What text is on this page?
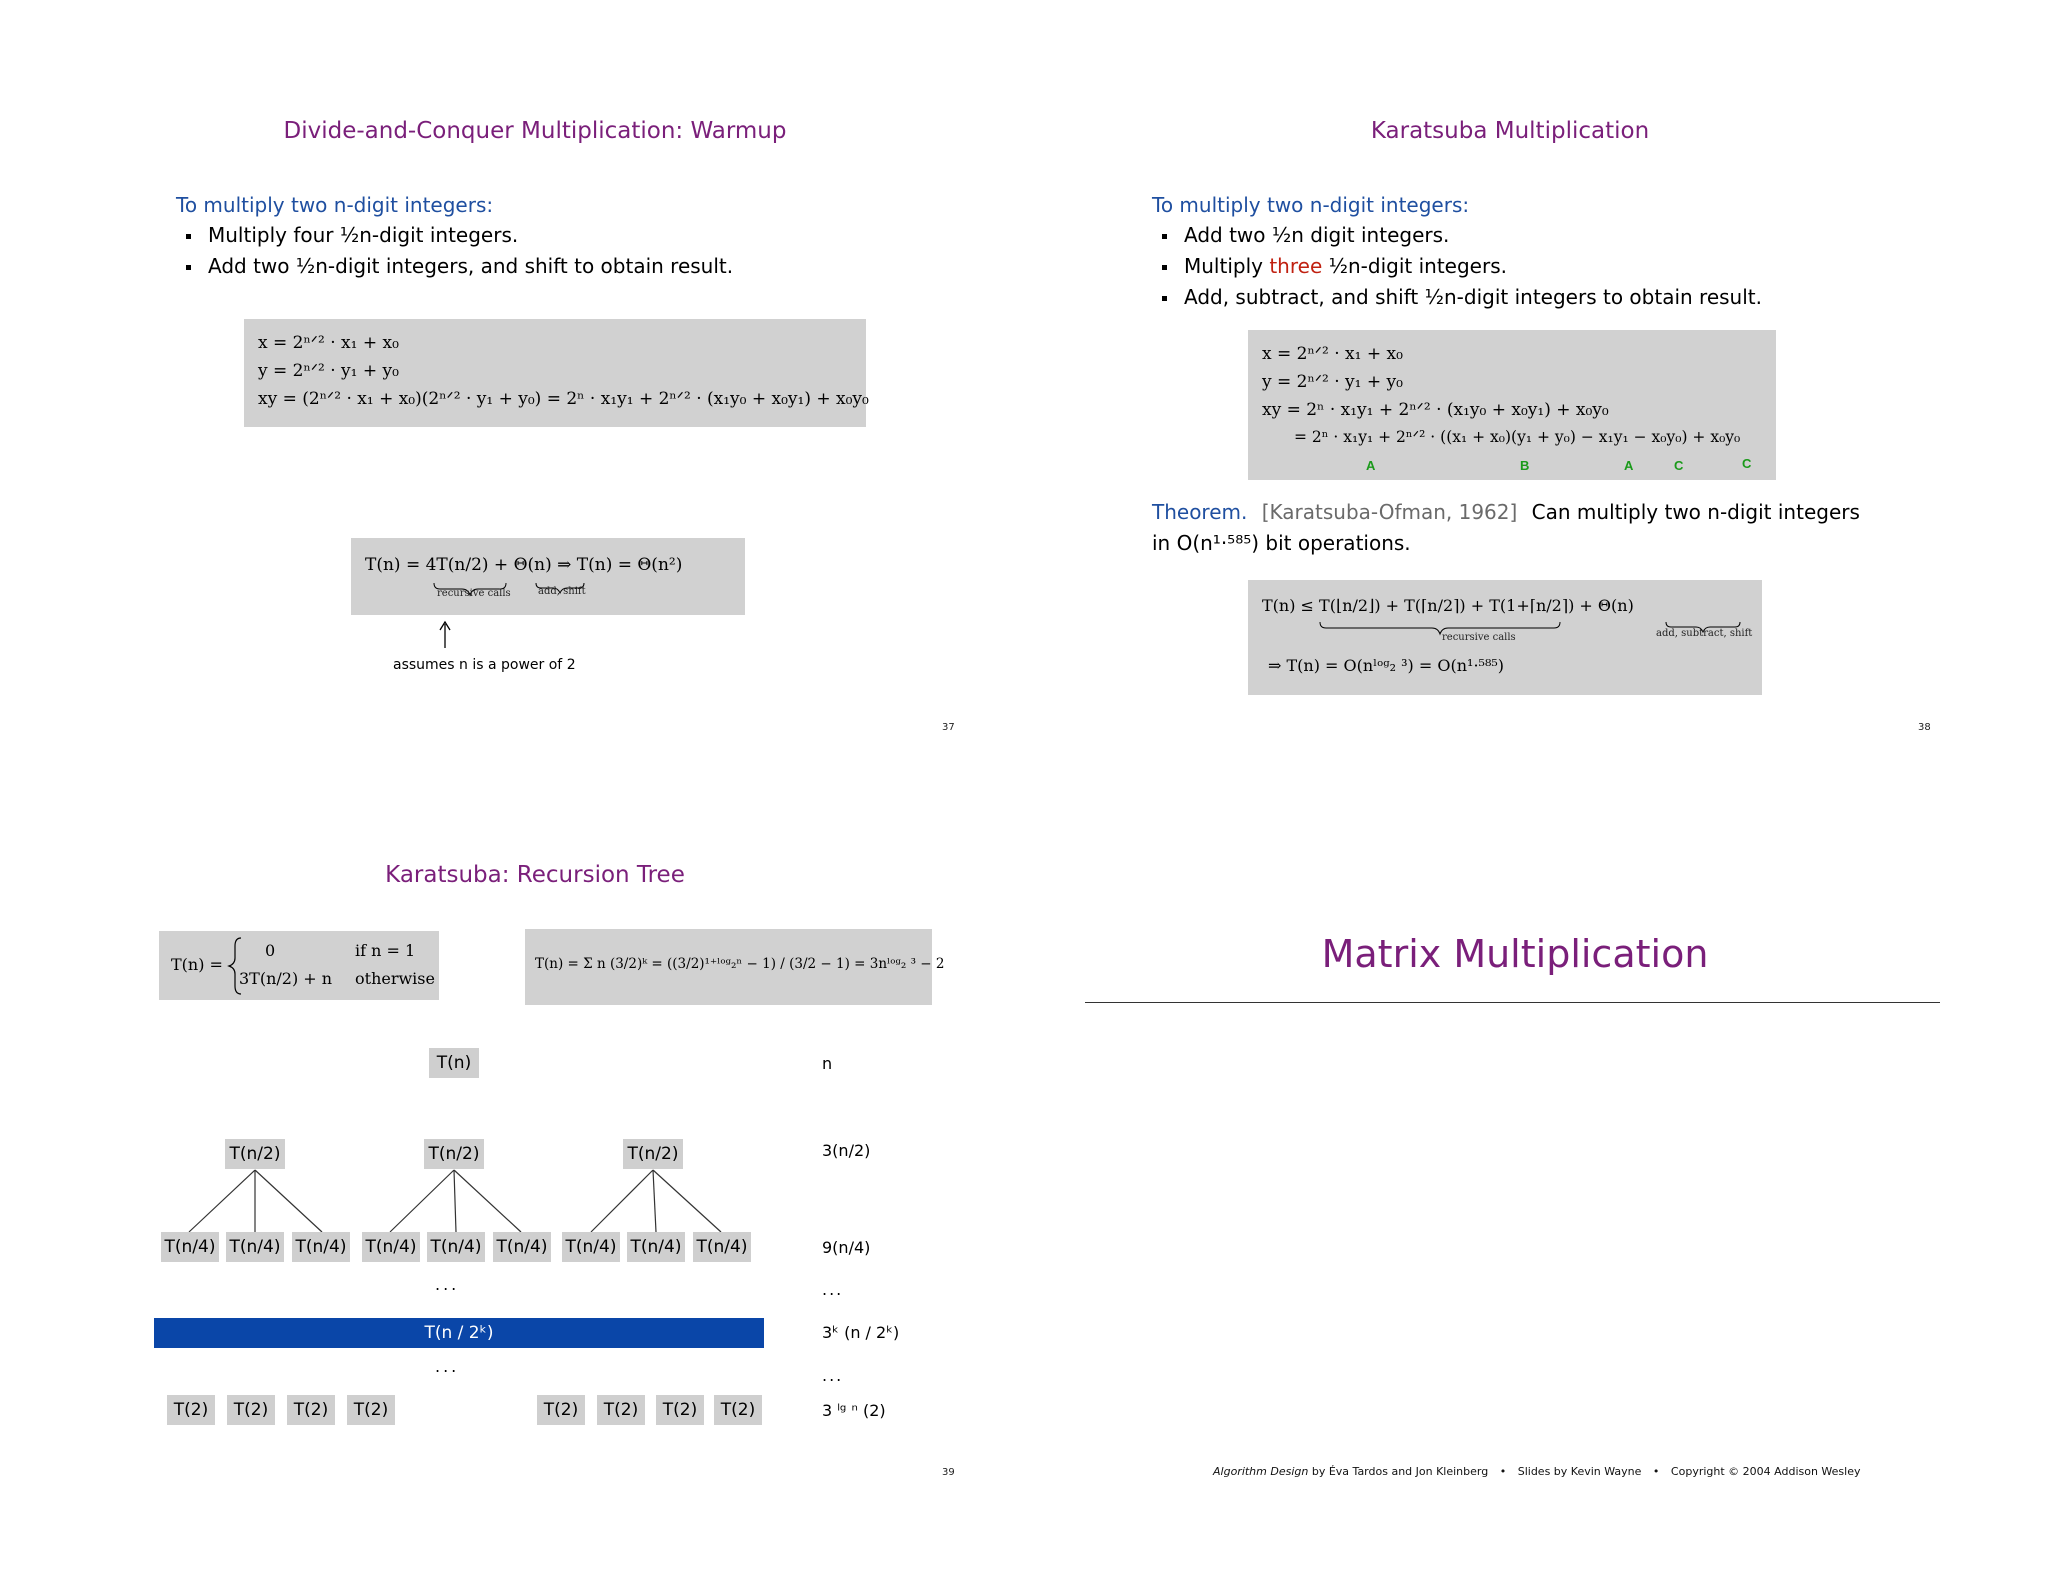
Divide-and-Conquer Multiplication: Warmup
To multiply two n-digit integers:
Multiply four ½n-digit integers.
Add two ½n-digit integers, and shift to obtain result.
x = 2ⁿᐟ² · x₁ + x₀
y = 2ⁿᐟ² · y₁ + y₀
xy = (2ⁿᐟ² · x₁ + x₀)(2ⁿᐟ² · y₁ + y₀) = 2ⁿ · x₁y₁ + 2ⁿᐟ² · (x₁y₀ + x₀y₁) + x₀y₀
T(n) = 4T(n/2) + Θ(n) ⇒ T(n) = Θ(n²)
recursive calls	add, shift
assumes n is a power of 2
37
Karatsuba Multiplication
To multiply two n-digit integers:
Add two ½n digit integers.
Multiply three ½n-digit integers.
Add, subtract, and shift ½n-digit integers to obtain result.
x = 2ⁿᐟ² · x₁ + x₀
y = 2ⁿᐟ² · y₁ + y₀
xy = 2ⁿ · x₁y₁ + 2ⁿᐟ² · (x₁y₀ + x₀y₁) + x₀y₀
= 2ⁿ · x₁y₁ + 2ⁿᐟ² · ((x₁ + x₀)(y₁ + y₀) − x₁y₁ − x₀y₀) + x₀y₀
A	B	A	C	C
Theorem. [Karatsuba-Ofman, 1962] Can multiply two n-digit integers
in O(n¹·⁵⁸⁵) bit operations.
T(n) ≤ T(⌊n/2⌋) + T(⌈n/2⌉) + T(1+⌈n/2⌉) + Θ(n)
recursive calls	add, subtract, shift
⇒ T(n) = O(nˡᵒᵍ₂ ³) = O(n¹·⁵⁸⁵)
38
Karatsuba: Recursion Tree
T(n) =
0	if n = 1
3T(n/2) + n otherwise
T(n) = Σ n (3/2)ᵏ = ((3/2)¹⁺ˡᵒᵍ₂ⁿ − 1) / (3/2 − 1) = 3nˡᵒᵍ₂ ³ − 2
T(n)
T(n/2)	T(n/2)	T(n/2)
T(n/4) T(n/4) T(n/4) T(n/4) T(n/4) T(n/4) T(n/4) T(n/4) T(n/4)
...
T(n / 2ᵏ)
...
T(2)	T(2)	T(2)	T(2)	T(2)	T(2)	T(2)	T(2)
n
3(n/2)
9(n/4)
...
3ᵏ (n / 2ᵏ)
...
3 ˡᵍ ⁿ (2)
39
Matrix Multiplication
Algorithm Design by Éva Tardos and Jon Kleinberg • Slides by Kevin Wayne • Copyright © 2004 Addison Wesley
